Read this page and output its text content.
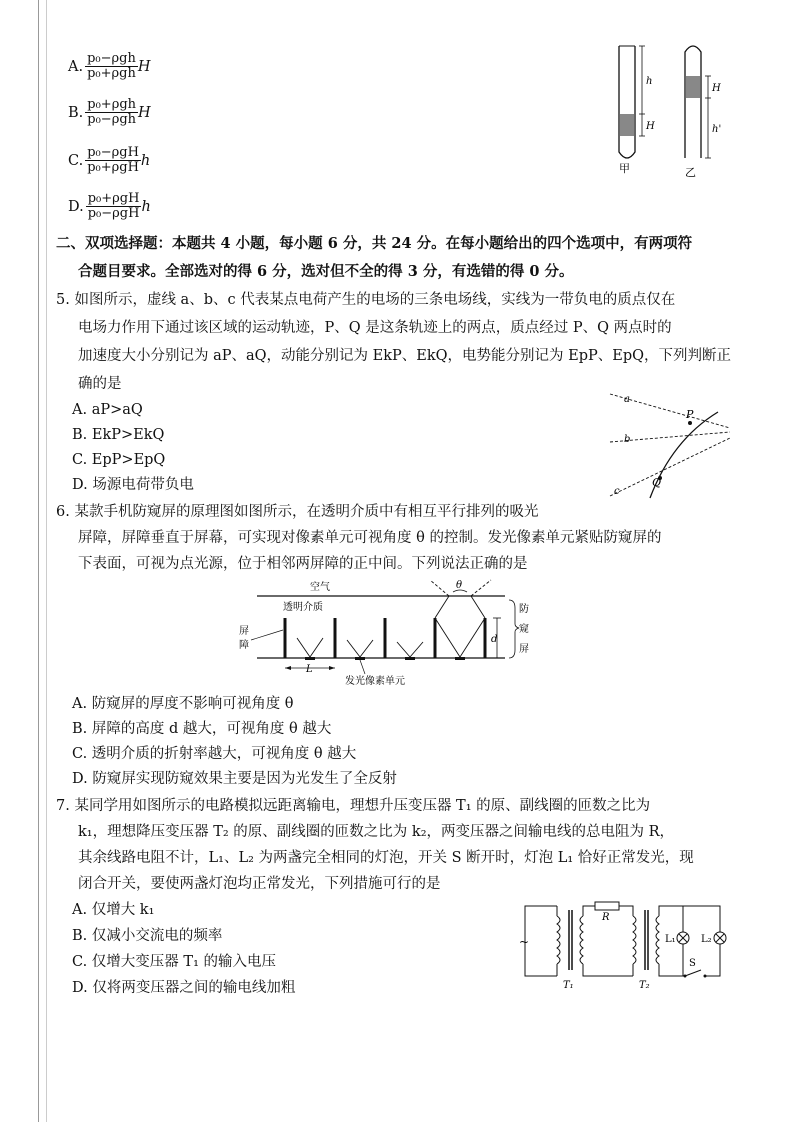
A. $\frac{\text{p₀−ρgh}}{\text{p₀+ρgh}}$ H
B. $\frac{\text{p₀+ρgh}}{\text{p₀−ρgh}}$ H
C. $\frac{\text{p₀−ρgH}}{\text{p₀+ρgH}}$ h
D. $\frac{\text{p₀+ρgH}}{\text{p₀−ρgH}}$ h
h
H
甲
H
h'
乙
二、双项选择题：本题共 4 小题，每小题 6 分，共 24 分。在每小题给出的四个选项中，有两项符
合题目要求。全部选对的得 6 分，选对但不全的得 3 分，有选错的得 0 分。
5. 如图所示，虚线 a、b、c 代表某点电荷产生的电场的三条电场线，实线为一带负电的质点仅在
电场力作用下通过该区域的运动轨迹，P、Q 是这条轨迹上的两点，质点经过 P、Q 两点时的
加速度大小分别记为 aP、aQ，动能分别记为 EkP、EkQ，电势能分别记为 EpP、EpQ，下列判断正
确的是
A. aP>aQ
B. EkP>EkQ
C. EpP>EpQ
D. 场源电荷带负电
a
b
c
P
Q
6. 某款手机防窥屏的原理图如图所示，在透明介质中有相互平行排列的吸光
屏障，屏障垂直于屏幕，可实现对像素单元可视角度 θ 的控制。发光像素单元紧贴防窥屏的
下表面，可视为点光源，位于相邻两屏障的正中间。下列说法正确的是
空气
透明介质
θ
d
防
窥
屏
屏
障
L
发光像素单元
A. 防窥屏的厚度不影响可视角度 θ
B. 屏障的高度 d 越大，可视角度 θ 越大
C. 透明介质的折射率越大，可视角度 θ 越大
D. 防窥屏实现防窥效果主要是因为光发生了全反射
7. 某同学用如图所示的电路模拟远距离输电，理想升压变压器 T₁ 的原、副线圈的匝数之比为
k₁，理想降压变压器 T₂ 的原、副线圈的匝数之比为 k₂，两变压器之间输电线的总电阻为 R，
其余线路电阻不计，L₁、L₂ 为两盏完全相同的灯泡，开关 S 断开时，灯泡 L₁ 恰好正常发光，现
闭合开关，要使两盏灯泡均正常发光，下列措施可行的是
A. 仅增大 k₁
B. 仅减小交流电的频率
C. 仅增大变压器 T₁ 的输入电压
D. 仅将两变压器之间的输电线加粗
~
R
T₁	T₂
L₁	L₂
S
